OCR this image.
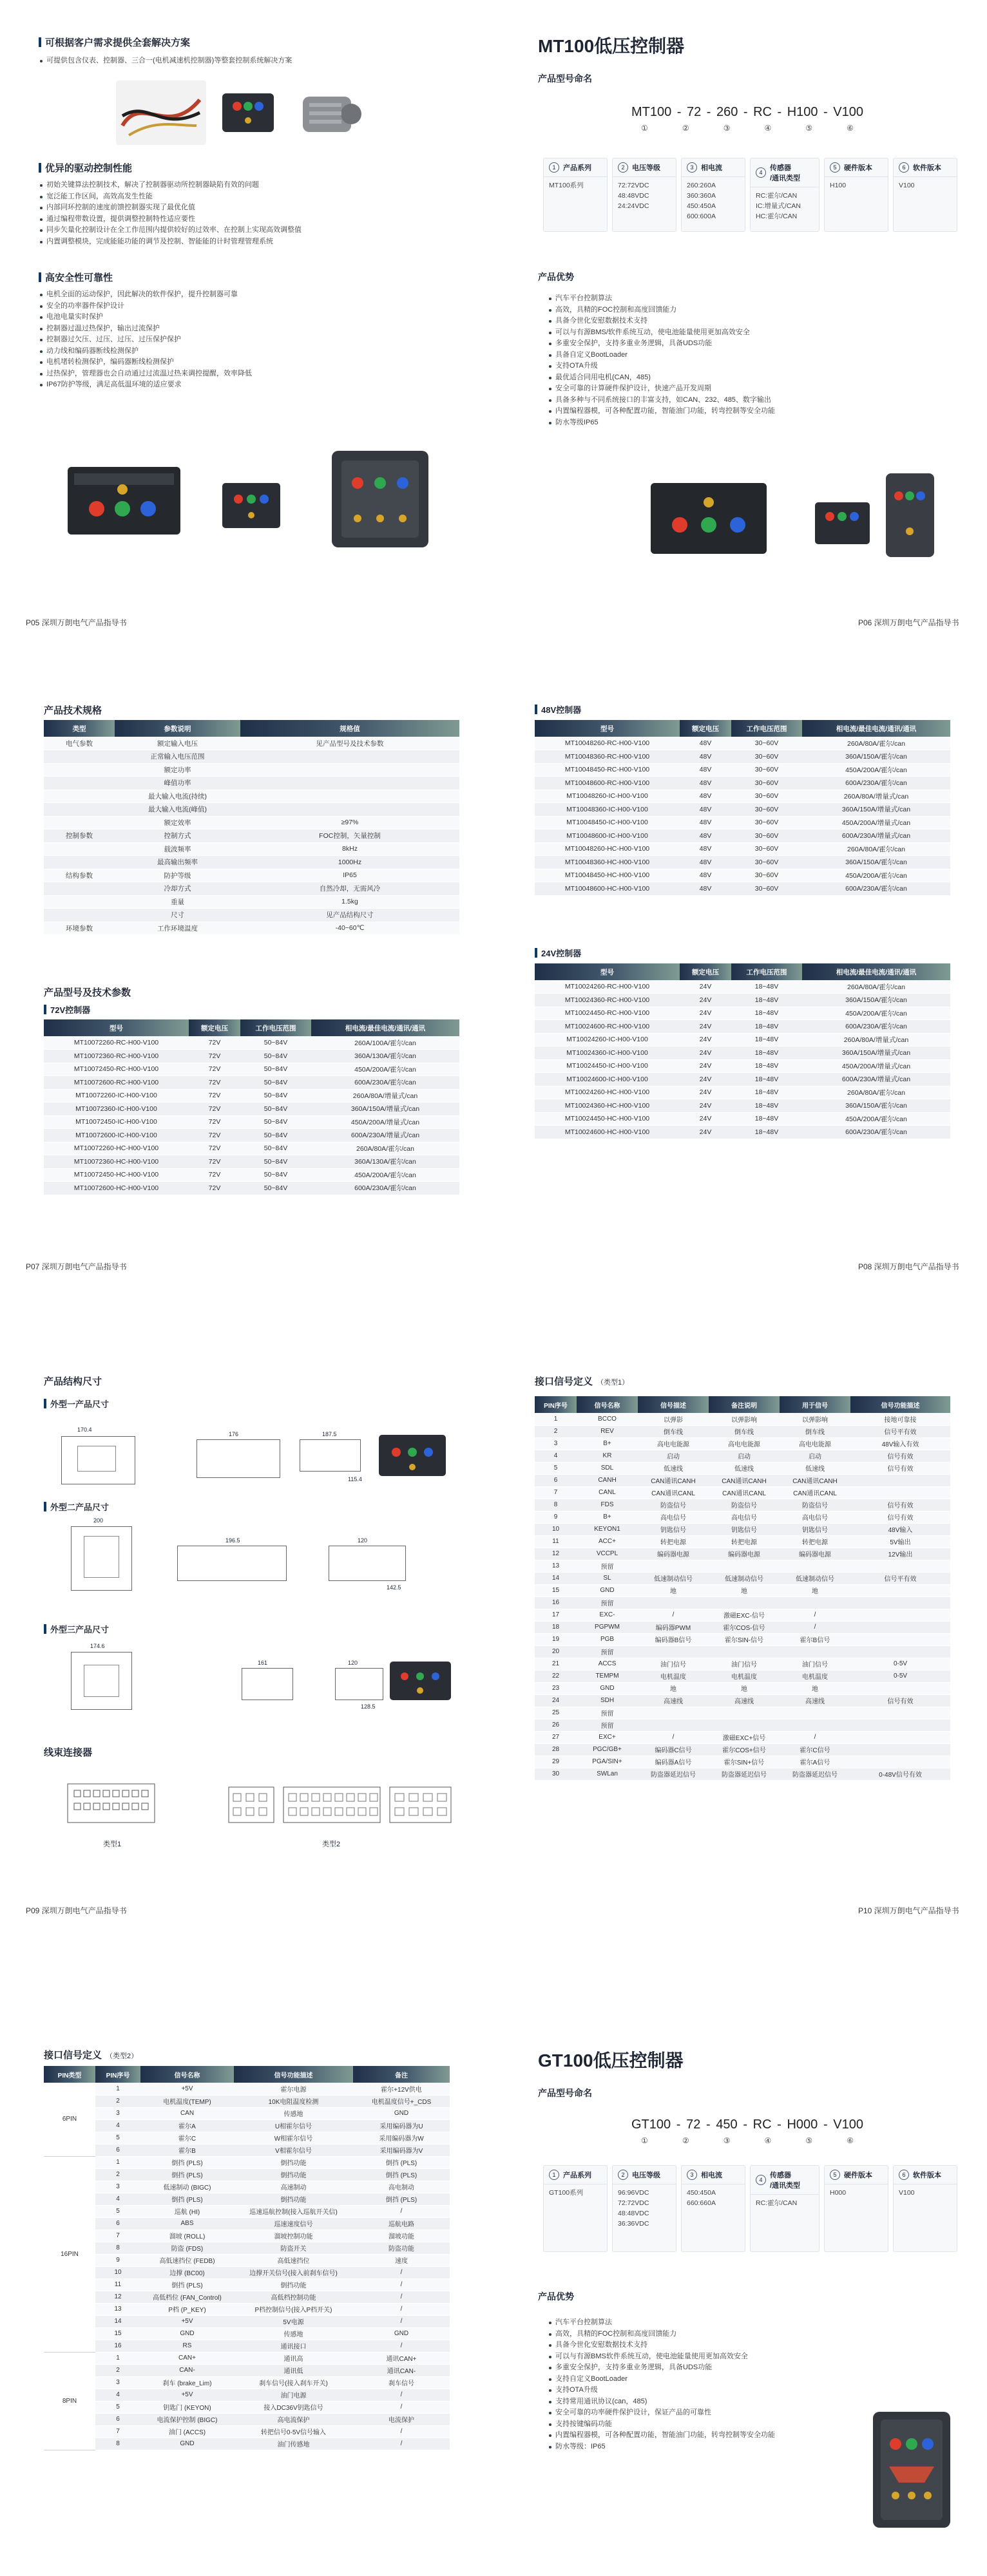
可根据客户需求提供全套解决方案
可提供包含仪表、控制器、三合一(电机减速机控制器)等整套控制系统解决方案
优异的驱动控制性能
初始关键算法控制技术，解决了控制器驱动所控制器缺陷有效的问题
宽泛能工作区间，高效高发生性能
内部同环控制的速度前馈控制器实现了最优化值
通过编程带数设置，提供调整控制特性适应要性
同步矢量化控制设计在全工作范围内提供较好的过效率、在控制上实现高效调整值
内置调整模块，完成能能功能的调节及控制、智能能的计时管理管理系统
高安全性可靠性
电机全面的运动保护，因此解决的软件保护，提升控制器可靠
安全的功率器件保护设计
电池电量实时保护
控制器过温过热保护，输出过流保护
控制器过欠压、过压、过压、过压保护保护
动力线和编码器断线检测保护
电机堵转检测保护，编码器断线检测保护
过热保护，管理器也会自动通过过流温过热来调控提醒，效率降低
IP67防护等级，满足高低温环境的适应要求
P05 深圳万朗电气产品指导书
MT100低压控制器
产品型号命名
MT100 - 72 - 260 - RC - H100 - V100
①	②	③	④	⑤	⑥
1	产品系列
MT100系列
2	电压等级
72:72VDC
48:48VDC
24:24VDC
3	相电流
260:260A
360:360A
450:450A
600:600A
4
传感器
/通讯类型
RC:霍尔/CAN
IC:增量式/CAN
HC:霍尔/CAN
5	硬件版本
H100
6	软件版本
V100
产品优势
汽车平台控制算法
高效，具精的FOC控制和高度回馈能力
具备今世化安慰数据技术支持
可以与有源BMS/软件系统互动，使电池能量使用更加高效安全
多重安全保护，支持多重业务逻辑，具备UDS功能
具备自定义BootLoader
支持OTA升级
最优适合同用电机(CAN，485)
安全可靠的计算硬件保护设计，快速产品开发周期
具备多种与不同系统接口的丰富支持，如CAN、232、485、数字输出
内置编程器模，可各种配置功能，智能油门功能，转弯控制等安全功能
防水等级IP65
P06 深圳万朗电气产品指导书
产品技术规格
类型	参数说明	规格值
电气参数	额定输入电压	见产品型号及技术参数
	正常输入电压范围	
	额定功率	
	峰值功率	
	最大输入电流(持续)	
	最大输入电流(峰值)	
	额定效率	≥97%
控制参数	控制方式	FOC控制，矢量控制
	载波频率	8kHz
	最高输出频率	1000Hz
结构参数	防护等级	IP65
	冷却方式	自然冷却，无需风冷
	重量	1.5kg
	尺寸	见产品结构尺寸
环境参数	工作环境温度	-40~60℃
产品型号及技术参数
72V控制器
型号	额定电压	工作电压范围	相电流/最佳电流/通讯/通讯
MT10072260-RC-H00-V100	72V	50~84V	260A/100A/霍尔/can
MT10072360-RC-H00-V100	72V	50~84V	360A/130A/霍尔/can
MT10072450-RC-H00-V100	72V	50~84V	450A/200A/霍尔/can
MT10072600-RC-H00-V100	72V	50~84V	600A/230A/霍尔/can
MT10072260-IC-H00-V100	72V	50~84V	260A/80A/增量式/can
MT10072360-IC-H00-V100	72V	50~84V	360A/150A/增量式/can
MT10072450-IC-H00-V100	72V	50~84V	450A/200A/增量式/can
MT10072600-IC-H00-V100	72V	50~84V	600A/230A/增量式/can
MT10072260-HC-H00-V100	72V	50~84V	260A/80A/霍尔/can
MT10072360-HC-H00-V100	72V	50~84V	360A/130A/霍尔/can
MT10072450-HC-H00-V100	72V	50~84V	450A/200A/霍尔/can
MT10072600-HC-H00-V100	72V	50~84V	600A/230A/霍尔/can
P07 深圳万朗电气产品指导书
48V控制器
型号	额定电压	工作电压范围	相电流/最佳电流/通讯/通讯
MT10048260-RC-H00-V100	48V	30~60V	260A/80A/霍尔/can
MT10048360-RC-H00-V100	48V	30~60V	360A/150A/霍尔/can
MT10048450-RC-H00-V100	48V	30~60V	450A/200A/霍尔/can
MT10048600-RC-H00-V100	48V	30~60V	600A/230A/霍尔/can
MT10048260-IC-H00-V100	48V	30~60V	260A/80A/增量式/can
MT10048360-IC-H00-V100	48V	30~60V	360A/150A/增量式/can
MT10048450-IC-H00-V100	48V	30~60V	450A/200A/增量式/can
MT10048600-IC-H00-V100	48V	30~60V	600A/230A/增量式/can
MT10048260-HC-H00-V100	48V	30~60V	260A/80A/霍尔/can
MT10048360-HC-H00-V100	48V	30~60V	360A/150A/霍尔/can
MT10048450-HC-H00-V100	48V	30~60V	450A/200A/霍尔/can
MT10048600-HC-H00-V100	48V	30~60V	600A/230A/霍尔/can
24V控制器
型号	额定电压	工作电压范围	相电流/最佳电流/通讯/通讯
MT10024260-RC-H00-V100	24V	18~48V	260A/80A/霍尔/can
MT10024360-RC-H00-V100	24V	18~48V	360A/150A/霍尔/can
MT10024450-RC-H00-V100	24V	18~48V	450A/200A/霍尔/can
MT10024600-RC-H00-V100	24V	18~48V	600A/230A/霍尔/can
MT10024260-IC-H00-V100	24V	18~48V	260A/80A/增量式/can
MT10024360-IC-H00-V100	24V	18~48V	360A/150A/增量式/can
MT10024450-IC-H00-V100	24V	18~48V	450A/200A/增量式/can
MT10024600-IC-H00-V100	24V	18~48V	600A/230A/增量式/can
MT10024260-HC-H00-V100	24V	18~48V	260A/80A/霍尔/can
MT10024360-HC-H00-V100	24V	18~48V	360A/150A/霍尔/can
MT10024450-HC-H00-V100	24V	18~48V	450A/200A/霍尔/can
MT10024600-HC-H00-V100	24V	18~48V	600A/230A/霍尔/can
P08 深圳万朗电气产品指导书
产品结构尺寸
外型一产品尺寸
170.4
176	187.5
115.4
外型二产品尺寸
200
196.5	120
142.5
外型三产品尺寸
174.6
161	120
128.5
线束连接器
类型1	类型2
P09 深圳万朗电气产品指导书
接口信号定义 （类型1）
PIN序号	信号名称	信号描述	备注说明	用于信号	信号功能描述
1	BCCO	以弹影	以弹影响	以弹影响	接地可靠接
2	REV	倒车线	倒车线	倒车线	信号平有效
3	B+	高电电能源	高电电能源	高电电能源	48V输入有效
4	KR	启动	启动	启动	信号有效
5	SDL	低速线	低速线	低速线	信号有效
6	CANH	CAN通讯CANH	CAN通讯CANH	CAN通讯CANH	
7	CANL	CAN通讯CANL	CAN通讯CANL	CAN通讯CANL	
8	FDS	防盗信号	防盗信号	防盗信号	信号有效
9	B+	高电信号	高电信号	高电信号	信号有效
10	KEYON1	钥匙信号	钥匙信号	钥匙信号	48V输入
11	ACC+	转把电源	转把电源	转把电源	5V输出
12	VCCPL	编码器电源	编码器电源	编码器电源	12V输出
13	预留				
14	SL	低速制动信号	低速制动信号	低速制动信号	信号平有效
15	GND	地	地	地	
16	预留				
17	EXC-	/	激磁EXC-信号	/	
18	PGPWM	编码器PWM	霍尔COS-信号	/	
19	PGB	编码器B信号	霍尔SIN-信号	霍尔B信号	
20	预留				
21	ACCS	油门信号	油门信号	油门信号	0-5V
22	TEMPM	电机温度	电机温度	电机温度	0-5V
23	GND	地	地	地	
24	SDH	高速线	高速线	高速线	信号有效
25	预留				
26	预留				
27	EXC+	/	激磁EXC+信号	/	
28	PGC/GB+	编码器C信号	霍尔COS+信号	霍尔C信号	
29	PGA/SIN+	编码器A信号	霍尔SIN+信号	霍尔A信号	
30	SWLan	防盗器延迟信号	防盗器延迟信号	防盗器延迟信号	0-48V信号有效
P10 深圳万朗电气产品指导书
接口信号定义 （类型2）
PIN类型	PIN序号	信号名称	信号功能描述	备注
6PIN	1	+5V	霍尔电源	霍尔+12V供电
	2	电机温度(TEMP)	10K电阻温度检测	电机温度信号+_CDS
	3	CAN	传感地	GND
	4	霍尔A	U相霍尔信号	采用编码器为U
	5	霍尔C	W相霍尔信号	采用编码器为W
	6	霍尔B	V相霍尔信号	采用编码器为V
16PIN	1	倒挡 (PLS)	倒挡功能	倒挡 (PLS)
	2	倒挡 (PLS)	倒挡功能	倒挡 (PLS)
	3	低速制动 (BIGC)	高速制动	高电制动
	4	倒挡 (PLS)	倒挡功能	倒挡 (PLS)
	5	巡航 (HI)	巡速巡航控制(接入巡航开关信)	/
	6	ABS	巡速速度信号	巡航电路
	7	溜坡 (ROLL)	溜坡控制功能	溜坡功能
	8	防盗 (FDS)	防盗开关	防盗功能
	9	高低速挡位 (FEDB)	高低速挡位	速度
	10	边撑 (BC00)	边撑开关信号(接入前刹车信号)	/
	11	倒挡 (PLS)	倒挡功能	/
	12	高低档位 (FAN_Control)	高低档控制功能	/
	13	P档 (P_KEY)	P档控制信号(接入P档开关)	/
	14	+5V	5V电源	/
	15	GND	传感地	GND
	16	RS	通讯接口	/
8PIN	1	CAN+	通讯高	通讯CAN+
	2	CAN-	通讯低	通讯CAN-
	3	刹车 (brake_Lim)	刹车信号(接入刹车开关)	刹车信号
	4	+5V	油门电源	/
	5	钥匙门 (KEYON)	接入DC36V钥匙信号	/
	6	电流保护控制 (BIGC)	高电流保护	电流保护
	7	油门 (ACCS)	转把信号0-5V信号输入	/
	8	GND	油门传感地	/
GT100低压控制器
产品型号命名
GT100 - 72 - 450 - RC - H000 - V100
①	②	③	④	⑤	⑥
1	产品系列
GT100系列
2	电压等级
96:96VDC
72:72VDC
48:48VDC
36:36VDC
3	相电流
450:450A
660:660A
4
传感器
/通讯类型
RC:霍尔/CAN
5	硬件版本
H000
6	软件版本
V100
产品优势
汽车平台控制算法
高效，具精的FOC控制和高度回馈能力
具备今世化安慰数据技术支持
可以与有源BMS软件系统互动，使电池能量使用更加高效安全
多重安全保护，支持多重业务逻辑，具备UDS功能
支持自定义BootLoader
支持OTA升级
支持常用通讯协议(can，485)
安全可靠的功率硬件保护设计，保证产品的可靠性
支持按键编码功能
内置编程器模，可各种配置功能，智能油门功能，转弯控制等安全功能
防水等级：IP65
